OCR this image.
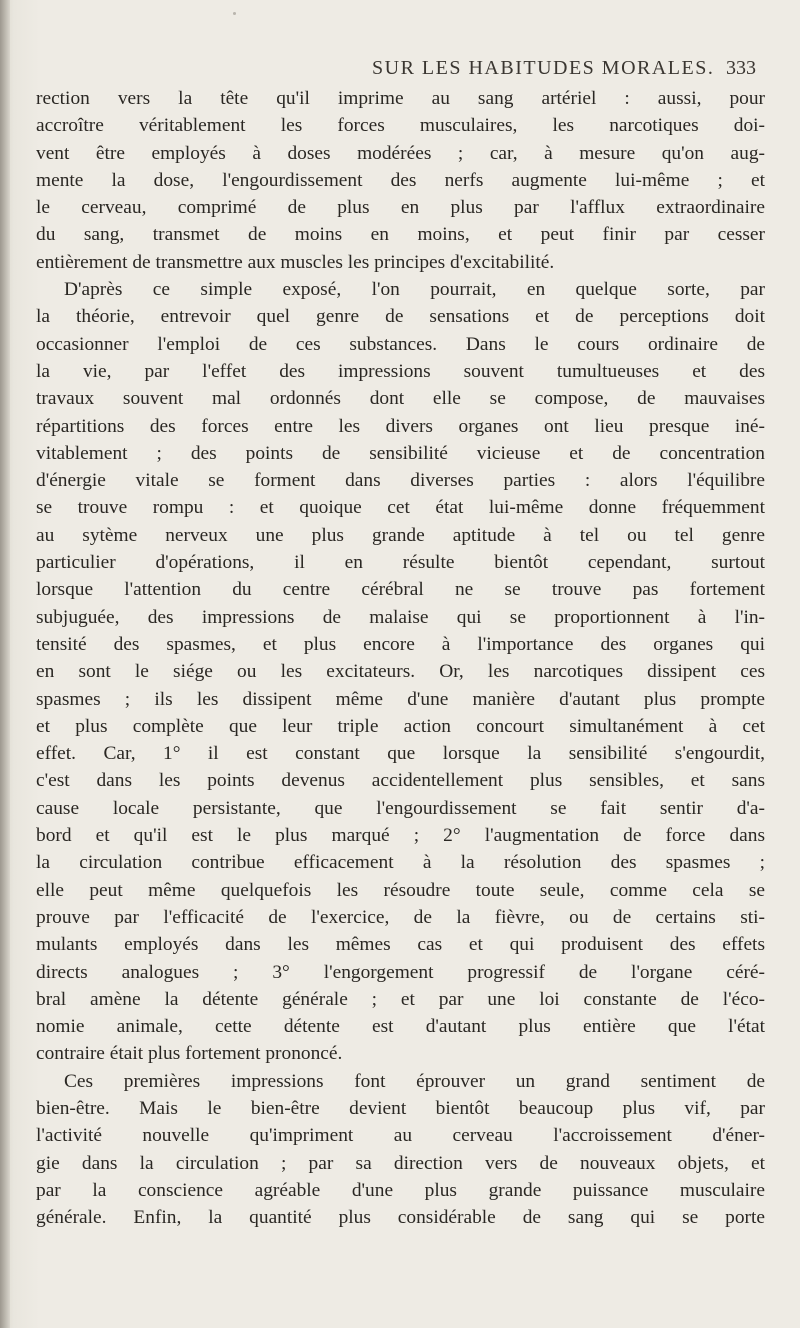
SUR LES HABITUDES MORALES. 333
rection vers la tête qu'il imprime au sang artériel : aussi, pour
accroître véritablement les forces musculaires, les narcotiques doi-
vent être employés à doses modérées ; car, à mesure qu'on aug-
mente la dose, l'engourdissement des nerfs augmente lui-même ; et
le cerveau, comprimé de plus en plus par l'afflux extraordinaire
du sang, transmet de moins en moins, et peut finir par cesser
entièrement de transmettre aux muscles les principes d'excitabilité.
D'après ce simple exposé, l'on pourrait, en quelque sorte, par
la théorie, entrevoir quel genre de sensations et de perceptions doit
occasionner l'emploi de ces substances. Dans le cours ordinaire de
la vie, par l'effet des impressions souvent tumultueuses et des
travaux souvent mal ordonnés dont elle se compose, de mauvaises
répartitions des forces entre les divers organes ont lieu presque iné-
vitablement ; des points de sensibilité vicieuse et de concentration
d'énergie vitale se forment dans diverses parties : alors l'équilibre
se trouve rompu : et quoique cet état lui-même donne fréquemment
au sytème nerveux une plus grande aptitude à tel ou tel genre
particulier d'opérations, il en résulte bientôt cependant, surtout
lorsque l'attention du centre cérébral ne se trouve pas fortement
subjuguée, des impressions de malaise qui se proportionnent à l'in-
tensité des spasmes, et plus encore à l'importance des organes qui
en sont le siége ou les excitateurs. Or, les narcotiques dissipent ces
spasmes ; ils les dissipent même d'une manière d'autant plus prompte
et plus complète que leur triple action concourt simultanément à cet
effet. Car, 1° il est constant que lorsque la sensibilité s'engourdit,
c'est dans les points devenus accidentellement plus sensibles, et sans
cause locale persistante, que l'engourdissement se fait sentir d'a-
bord et qu'il est le plus marqué ; 2° l'augmentation de force dans
la circulation contribue efficacement à la résolution des spasmes ;
elle peut même quelquefois les résoudre toute seule, comme cela se
prouve par l'efficacité de l'exercice, de la fièvre, ou de certains sti-
mulants employés dans les mêmes cas et qui produisent des effets
directs analogues ; 3° l'engorgement progressif de l'organe céré-
bral amène la détente générale ; et par une loi constante de l'éco-
nomie animale, cette détente est d'autant plus entière que l'état
contraire était plus fortement prononcé.
Ces premières impressions font éprouver un grand sentiment de
bien-être. Mais le bien-être devient bientôt beaucoup plus vif, par
l'activité nouvelle qu'impriment au cerveau l'accroissement d'éner-
gie dans la circulation ; par sa direction vers de nouveaux objets, et
par la conscience agréable d'une plus grande puissance musculaire
générale. Enfin, la quantité plus considérable de sang qui se porte
